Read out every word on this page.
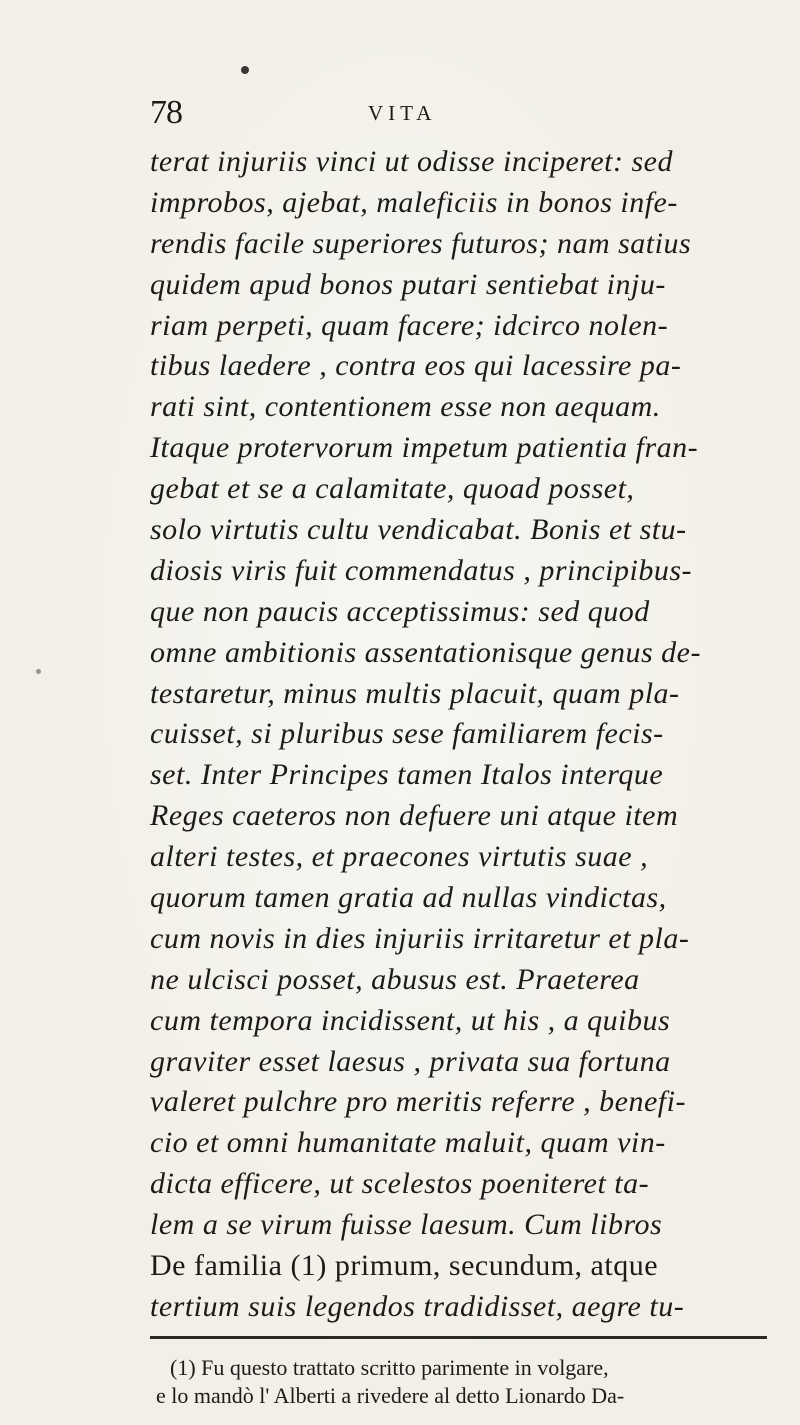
78	VITA
terat injuriis vinci ut odisse inciperet: sed
improbos, ajebat, maleficiis in bonos infe-
rendis facile superiores futuros; nam satius
quidem apud bonos putari sentiebat inju-
riam perpeti, quam facere; idcirco nolen-
tibus laedere , contra eos qui lacessire pa-
rati sint, contentionem esse non aequam.
Itaque protervorum impetum patientia fran-
gebat et se a calamitate, quoad posset,
solo virtutis cultu vendicabat. Bonis et stu-
diosis viris fuit commendatus , principibus-
que non paucis acceptissimus: sed quod
omne ambitionis assentationisque genus de-
testaretur, minus multis placuit, quam pla-
cuisset, si pluribus sese familiarem fecis-
set. Inter Principes tamen Italos interque
Reges caeteros non defuere uni atque item
alteri testes, et praecones virtutis suae ,
quorum tamen gratia ad nullas vindictas,
cum novis in dies injuriis irritaretur et pla-
ne ulcisci posset, abusus est. Praeterea
cum tempora incidissent, ut his , a quibus
graviter esset laesus , privata sua fortuna
valeret pulchre pro meritis referre , benefi-
cio et omni humanitate maluit, quam vin-
dicta efficere, ut scelestos poeniteret ta-
lem a se virum fuisse laesum. Cum libros
De familia (1) primum, secundum, atque
tertium suis legendos tradidisset, aegre tu-
(1) Fu questo trattato scritto parimente in volgare,
e lo mandò l' Alberti a rivedere al detto Lionardo Da-
